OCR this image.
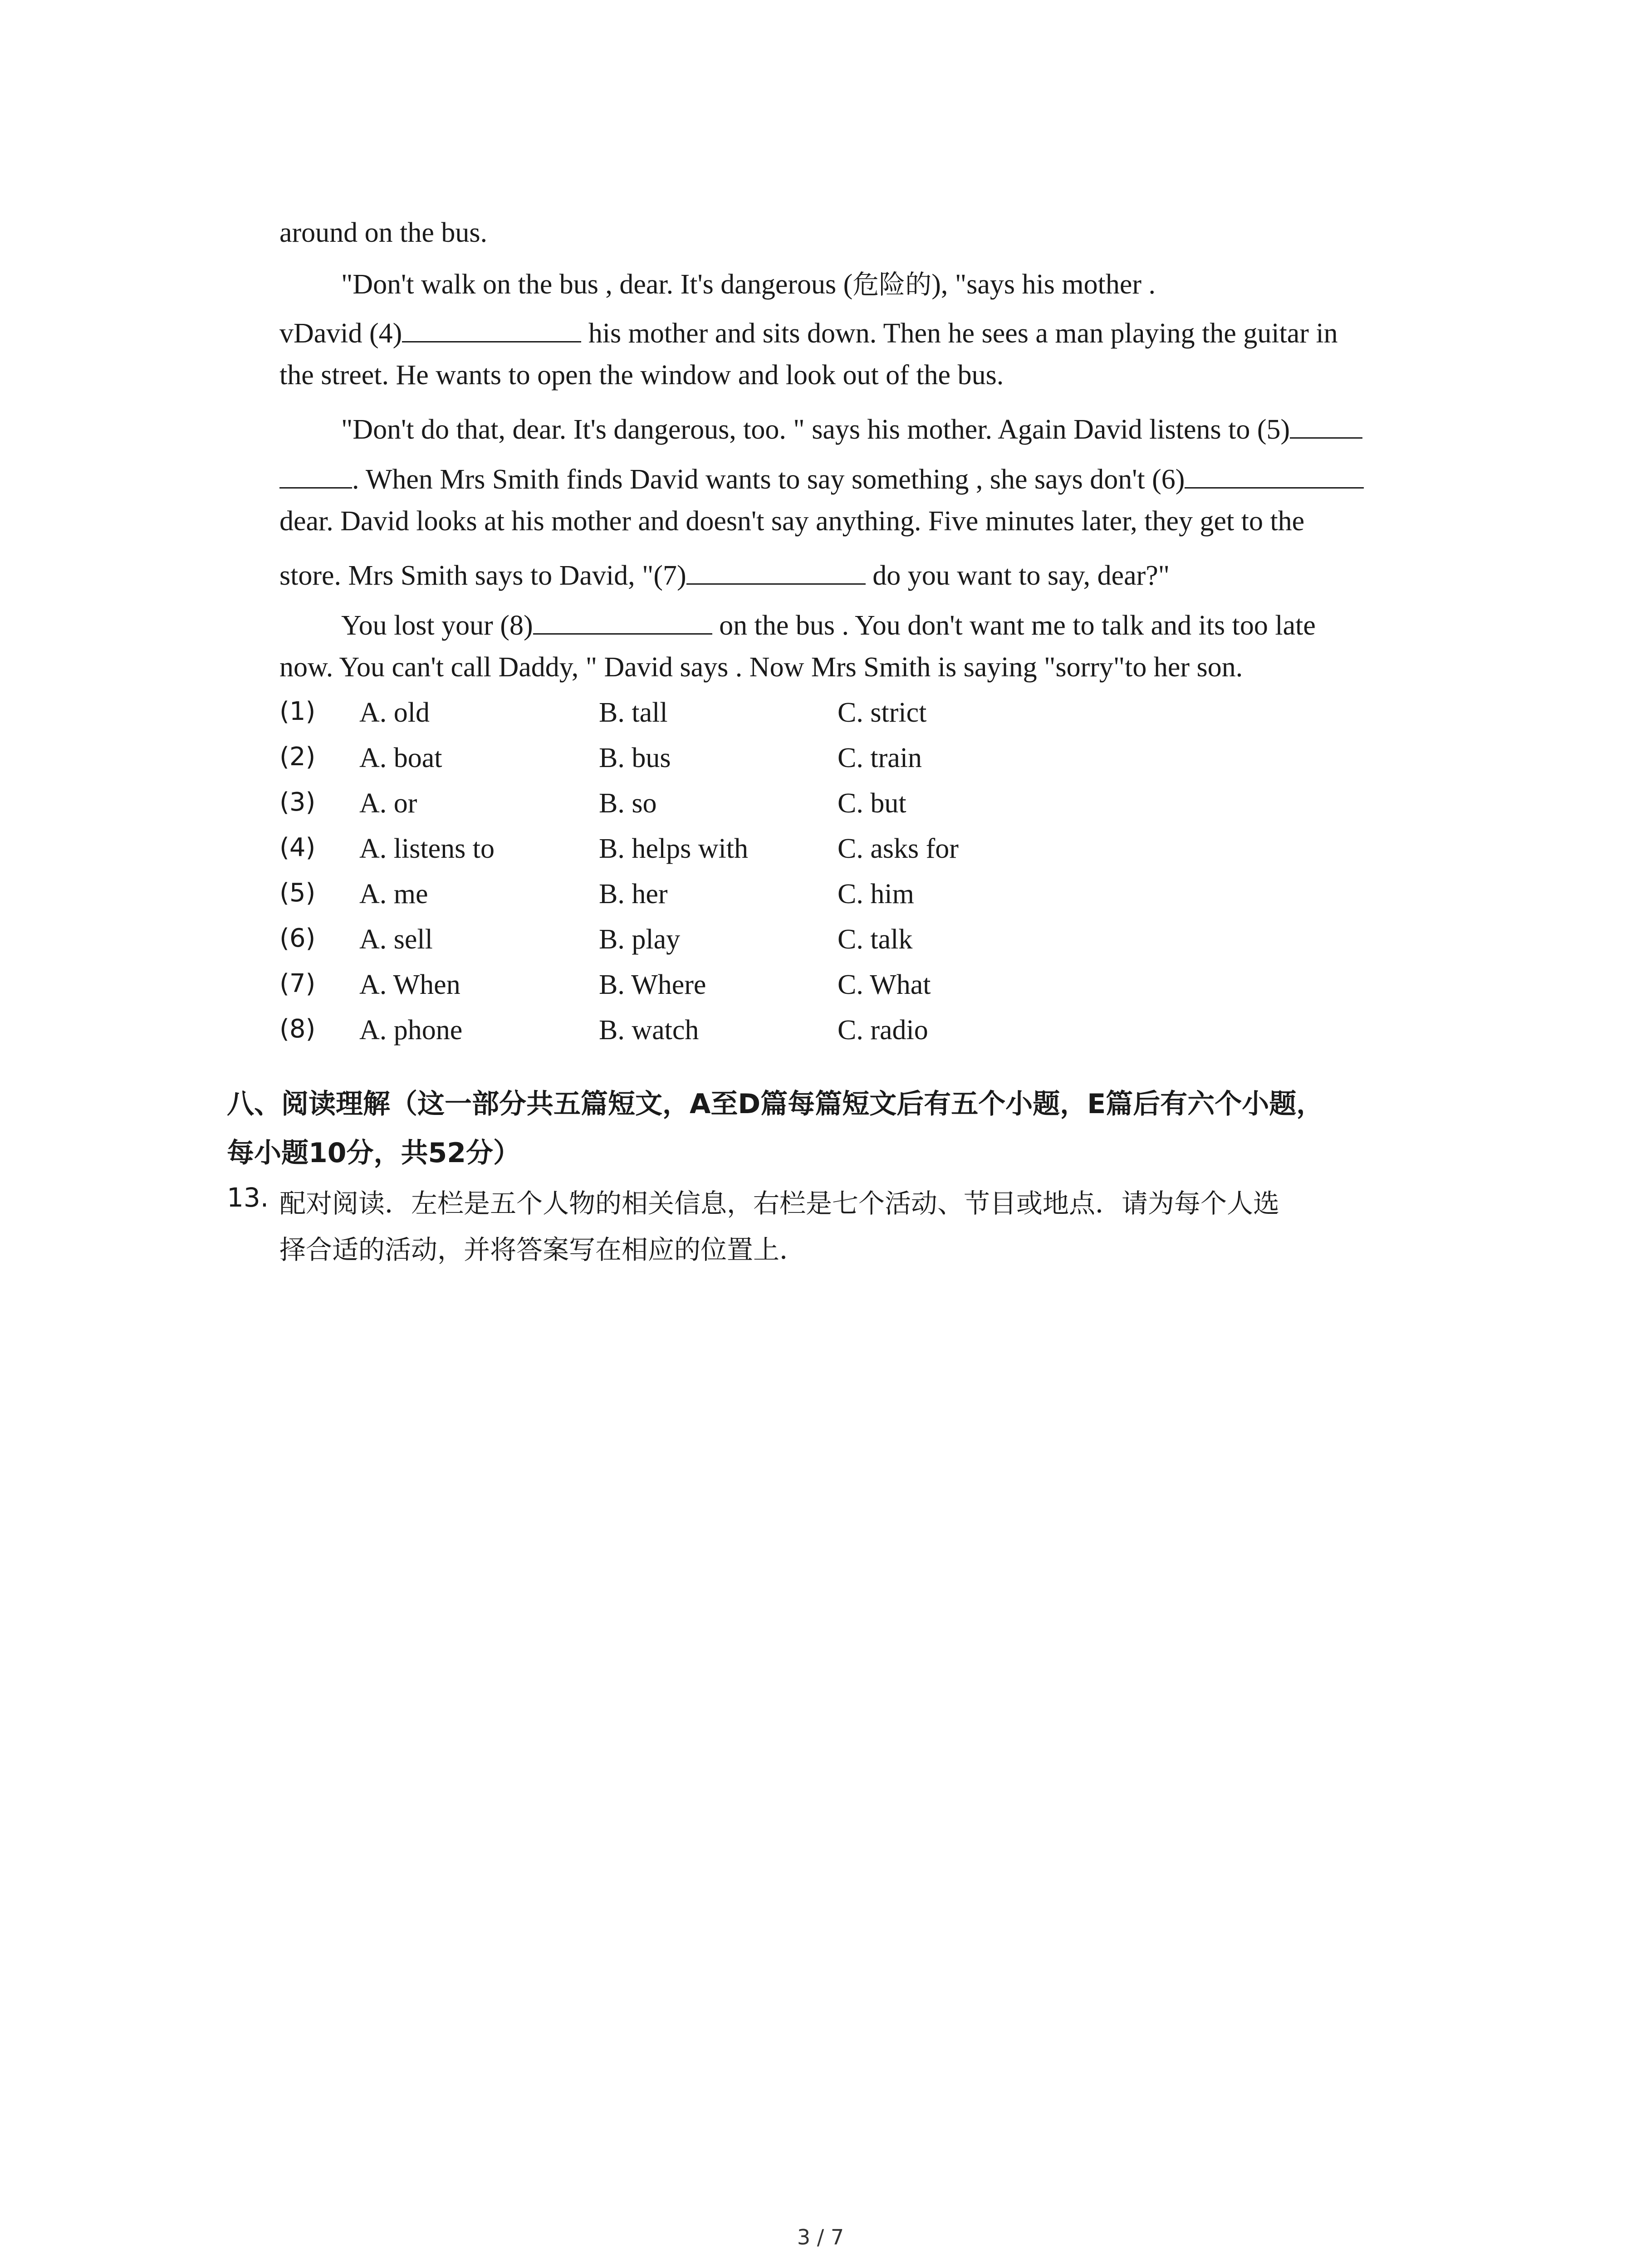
around on the bus.
"Don't walk on the bus , dear. It's dangerous (危险的), "says his mother .
vDavid (4)	his mother and sits down. Then he sees a man playing the guitar in
the street. He wants to open the window and look out of the bus.
"Don't do that, dear. It's dangerous, too. " says his mother. Again David listens to (5)
. When Mrs Smith finds David wants to say something , she says don't (6)
dear. David looks at his mother and doesn't say anything. Five minutes later, they get to the
store. Mrs Smith says to David, "(7)	do you want to say, dear?"
You lost your (8)	on the bus . You don't want me to talk and its too late
now. You can't call Daddy, " David says . Now Mrs Smith is saying "sorry"to her son.
(1) A. old	B. tall	C. strict
(2) A. boat	B. bus	C. train
(3) A. or	B. so	C. but
(4) A. listens to	B. helps with	C. asks for
(5) A. me	B. her	C. him
(6) A. sell	B. play	C. talk
(7) A. When	B. Where	C. What
(8) A. phone	B. watch	C. radio
八、阅读理解（这一部分共五篇短文，A至D篇每篇短文后有五个小题，E篇后有六个小题，
每小题10分，共52分）
13. 配对阅读．左栏是五个人物的相关信息，右栏是七个活动、节目或地点．请为每个人选
择合适的活动，并将答案写在相应的位置上．
3 / 7
